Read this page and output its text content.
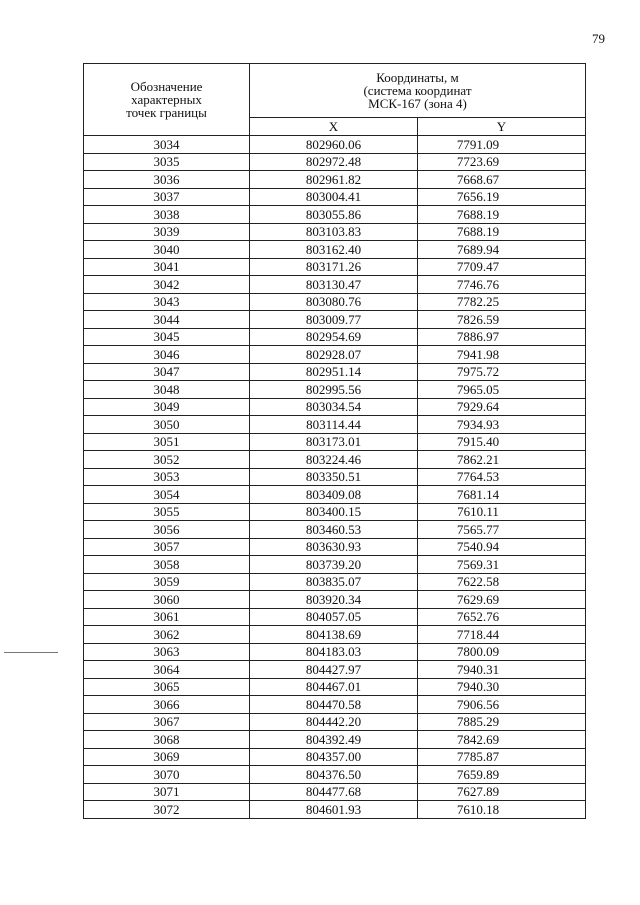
79
Обозначение
характерных
точек границы	Координаты, м
(система координат
МСК-167 (зона 4)	
	X	Y
3034	802960.06	7791.09
3035	802972.48	7723.69
3036	802961.82	7668.67
3037	803004.41	7656.19
3038	803055.86	7688.19
3039	803103.83	7688.19
3040	803162.40	7689.94
3041	803171.26	7709.47
3042	803130.47	7746.76
3043	803080.76	7782.25
3044	803009.77	7826.59
3045	802954.69	7886.97
3046	802928.07	7941.98
3047	802951.14	7975.72
3048	802995.56	7965.05
3049	803034.54	7929.64
3050	803114.44	7934.93
3051	803173.01	7915.40
3052	803224.46	7862.21
3053	803350.51	7764.53
3054	803409.08	7681.14
3055	803400.15	7610.11
3056	803460.53	7565.77
3057	803630.93	7540.94
3058	803739.20	7569.31
3059	803835.07	7622.58
3060	803920.34	7629.69
3061	804057.05	7652.76
3062	804138.69	7718.44
3063	804183.03	7800.09
3064	804427.97	7940.31
3065	804467.01	7940.30
3066	804470.58	7906.56
3067	804442.20	7885.29
3068	804392.49	7842.69
3069	804357.00	7785.87
3070	804376.50	7659.89
3071	804477.68	7627.89
3072	804601.93	7610.18
